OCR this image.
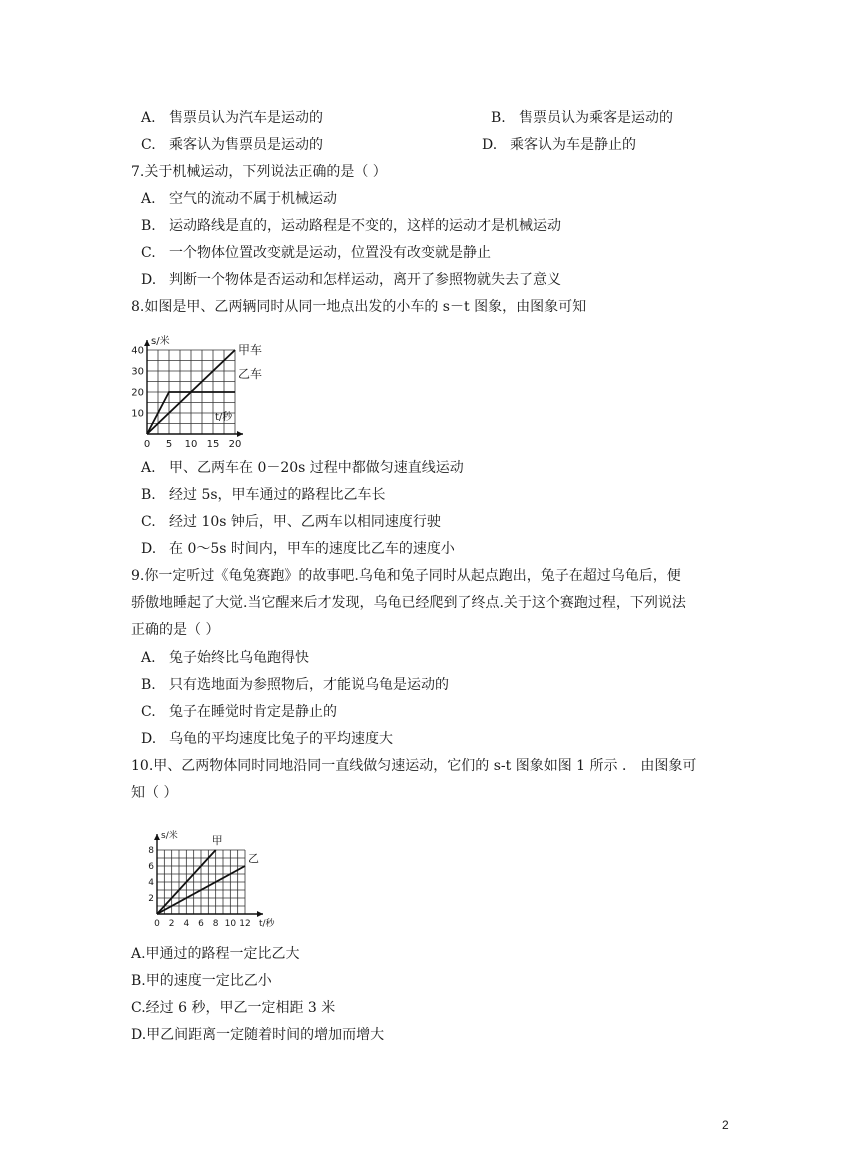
A. 售票员认为汽车是运动的	B. 售票员认为乘客是运动的
C. 乘客认为售票员是运动的	D. 乘客认为车是静止的
7.关于机械运动，下列说法正确的是（ ）
A. 空气的流动不属于机械运动
B. 运动路线是直的，运动路程是不变的，这样的运动才是机械运动
C. 一个物体位置改变就是运动，位置没有改变就是静止
D. 判断一个物体是否运动和怎样运动，离开了参照物就失去了意义
8.如图是甲、乙两辆同时从同一地点出发的小车的 s－t 图象，由图象可知
0 5 10 15 20
10
20
30
40
s/米
t/秒
甲车
乙车
A. 甲、乙两车在 0－20s 过程中都做匀速直线运动
B. 经过 5s，甲车通过的路程比乙车长
C. 经过 10s 钟后，甲、乙两车以相同速度行驶
D. 在 0～5s 时间内，甲车的速度比乙车的速度小
9.你一定听过《龟兔赛跑》的故事吧.乌龟和兔子同时从起点跑出，兔子在超过乌龟后，便
骄傲地睡起了大觉.当它醒来后才发现，乌龟已经爬到了终点.关于这个赛跑过程，下列说法
正确的是（ ）
A. 兔子始终比乌龟跑得快
B. 只有选地面为参照物后，才能说乌龟是运动的
C. 兔子在睡觉时肯定是静止的
D. 乌龟的平均速度比兔子的平均速度大
10.甲、乙两物体同时同地沿同一直线做匀速运动，它们的 s-t 图象如图 1 所示 ． 由图象可
知（ ）
0 2 4 6 8 10 12
2
4
6
8
s/米
t/秒
甲
乙
A.甲通过的路程一定比乙大
B.甲的速度一定比乙小
C.经过 6 秒，甲乙一定相距 3 米
D.甲乙间距离一定随着时间的增加而增大
2
